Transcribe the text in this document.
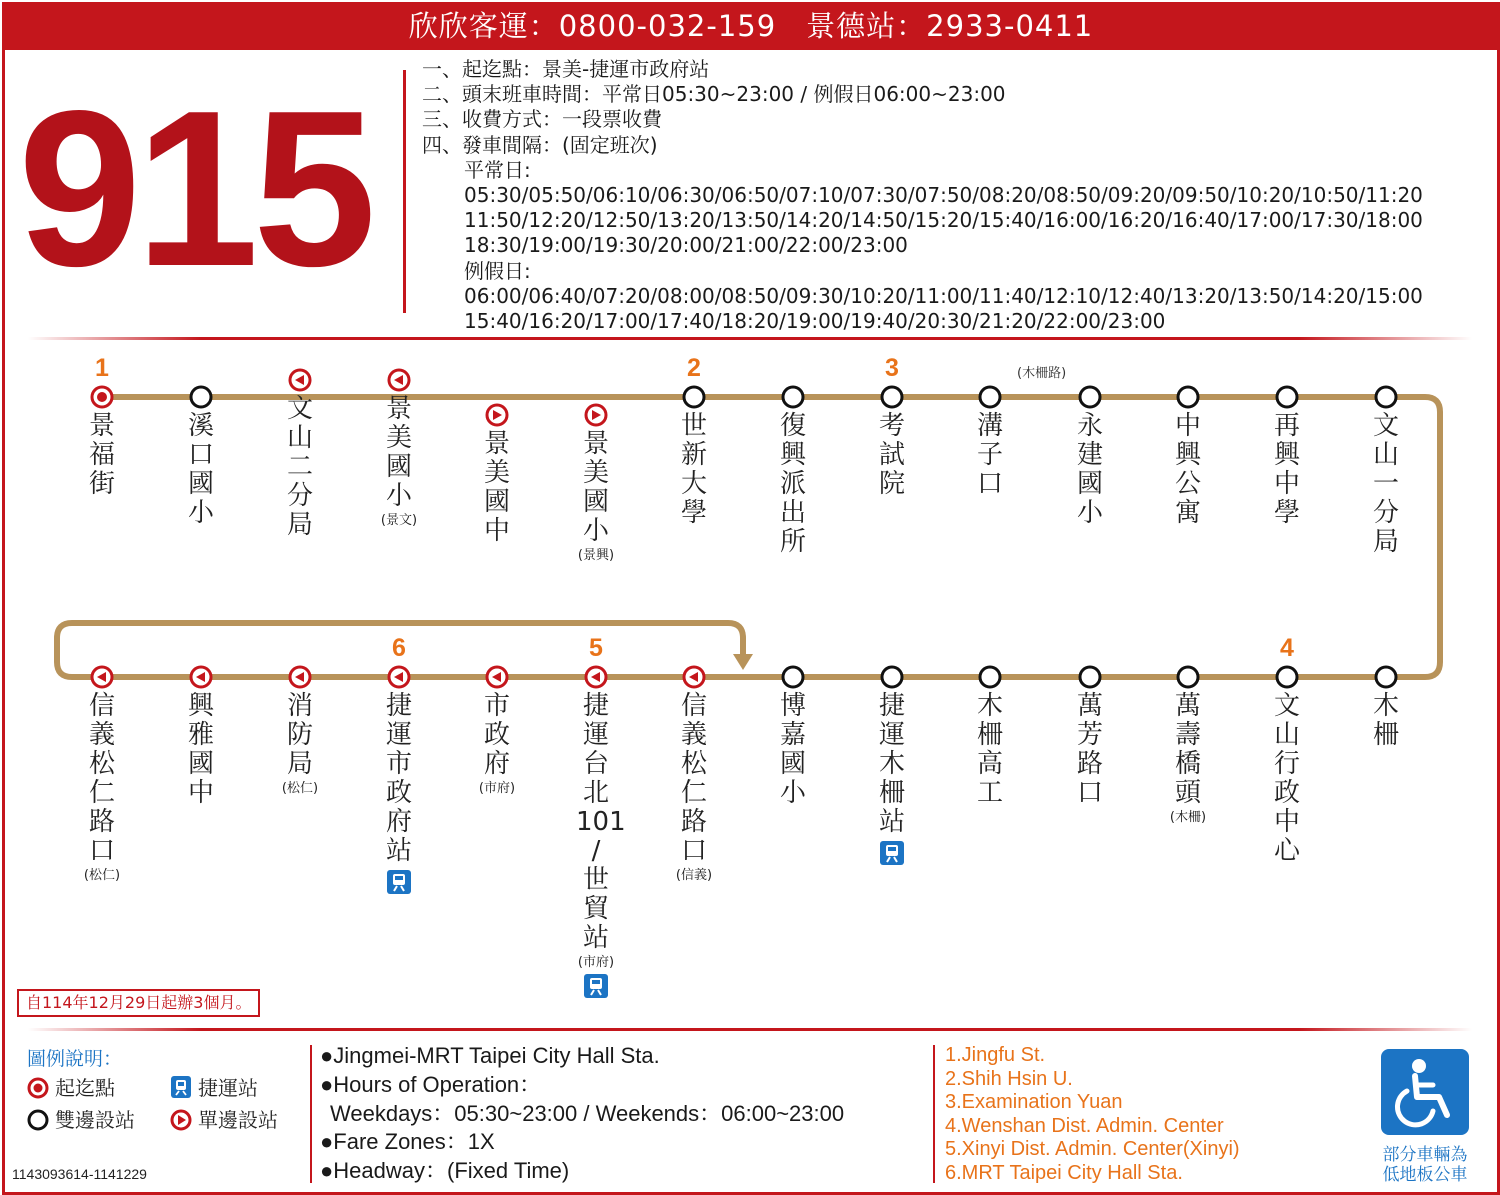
欣欣客運：0800-032-159 景德站：2933-0411
915	一、起迄點：景美-捷運市政府站
二、頭末班車時間：平常日05:30~23:00 / 例假日06:00~23:00
三、收費方式：一段票收費
四、發車間隔：(固定班次)
平常日:
05:30/05:50/06:10/06:30/06:50/07:10/07:30/07:50/08:20/08:50/09:20/09:50/10:20/10:50/11:20
11:50/12:20/12:50/13:20/13:50/14:20/14:50/15:20/15:40/16:00/16:20/16:40/17:00/17:30/18:00
18:30/19:00/19:30/20:00/21:00/22:00/23:00
例假日:
06:00/06:40/07:20/08:00/08:50/09:30/10:20/11:00/11:40/12:10/12:40/13:20/13:50/14:20/15:00
15:40/16:20/17:00/17:40/18:20/19:00/19:40/20:30/21:20/22:00/23:00
1
景
福
街
溪
口
國
小
文
山
二
分
局
景
美
國
小
(景文)
景
美
國
中
景
美
國
小
(景興)
2
世
新
大
學
復
興
派
出
所
3
考
試
院
溝
子
口
永
建
國
小
中
興
公
寓
再
興
中
學
文
山
一
分
局
信
義
松
仁
路
口
(松仁)
興
雅
國
中
消
防
局
(松仁)
6
捷
運
市
政
府
站
市
政
府
(市府)
5
捷
運
台
北
101
/
世
貿
站
(市府)
信
義
松
仁
路
口
(信義)
博
嘉
國
小
捷
運
木
柵
站
木
柵
高
工
萬
芳
路
口
萬
壽
橋
頭
(木柵)
4
文
山
行
政
中
心
木
柵
(木柵路)
自114年12月29日起辦3個月。
圖例說明：
起迄點	捷運站
雙邊設站	單邊設站
●Jingmei-MRT Taipei City Hall Sta.
●Hours of Operation：
Weekdays：05:30~23:00 / Weekends：06:00~23:00
●Fare Zones：1X
●Headway：(Fixed Time)
1.Jingfu St.
2.Shih Hsin U.
3.Examination Yuan
4.Wenshan Dist. Admin. Center
5.Xinyi Dist. Admin. Center(Xinyi)
6.MRT Taipei City Hall Sta.
1143093614-1141229
部分車輛為
低地板公車
